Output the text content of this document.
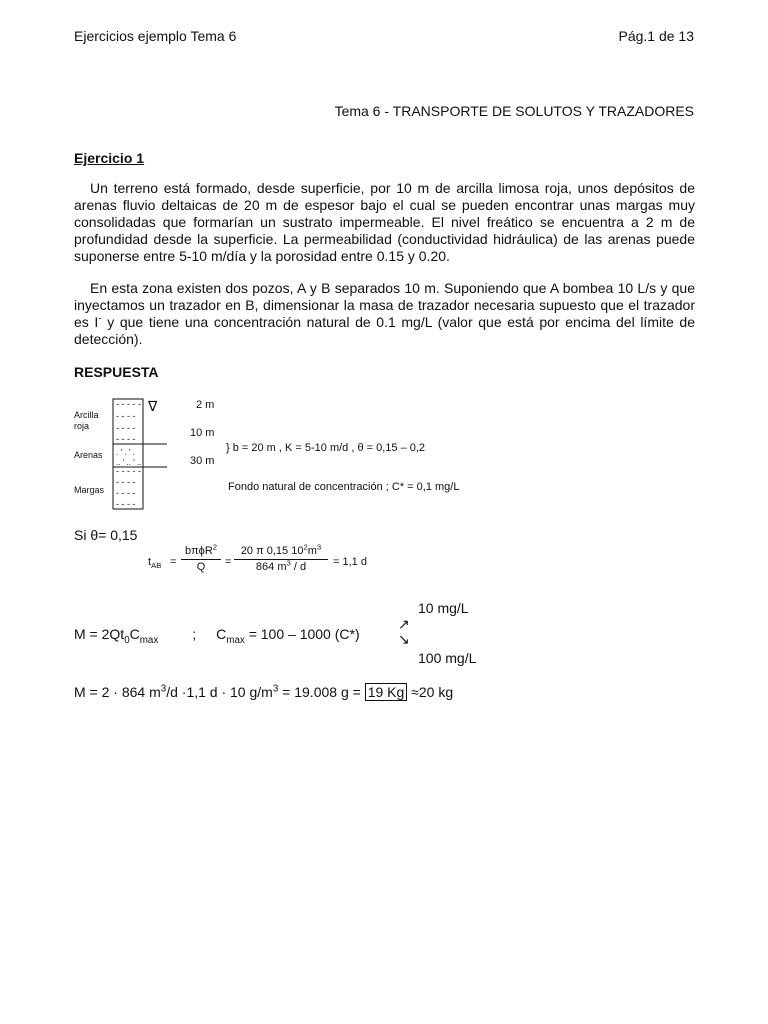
Ejercicios ejemplo Tema 6	Pág.1 de 13
Tema 6 - TRANSPORTE DE SOLUTOS Y TRAZADORES
Ejercicio 1

Un terreno está formado, desde superficie, por 10 m de arcilla limosa roja, unos depósitos de arenas fluvio deltaicas de 20 m de espesor bajo el cual se pueden encontrar unas margas muy consolidadas que formarían un sustrato impermeable. El nivel freático se encuentra a 2 m de profundidad desde la superficie. La permeabilidad (conductividad hidráulica) de las arenas puede suponerse entre 5-10 m/día y la porosidad entre 0.15 y 0.20.

En esta zona existen dos pozos, A y B separados 10 m. Suponiendo que A bombea 10 L/s y que inyectamos un trazador en B, dimensionar la masa de trazador necesaria supuesto que el trazador es I- y que tiene una concentración natural de 0.1 mg/L (valor que está por encima del límite de detección).

RESPUESTA
- - - - -
- - - -
- - - -
- - - -
. ' . ' .
.. ' .. ' ..
- - - - -
- - - -
- - - -
- - - -
∇
Arcilla
roja
Arenas
Margas
2 m
10 m
30 m
} b = 20 m , K = 5-10 m/d , θ = 0,15 – 0,2
Fondo natural de concentración ; C* = 0,1 mg/L
Si θ= 0,15
$t_{AB}$ =
bπϕR$^2$
Q	= $\frac{20 \pi 0,15 10^2m^3}{864 m^3 / d} = 1,1$ d
10 mg/L
$M = 2Qt_0C_{max}$ ; $C_{max} = 100 - 1000$ (C*)
↗
↘
100 mg/L
M = 2 · 864 $m^3/d \cdot 1,1$ d · 10 $g/m^3 = 19.008$ g = 19 Kg ≈20 kg
